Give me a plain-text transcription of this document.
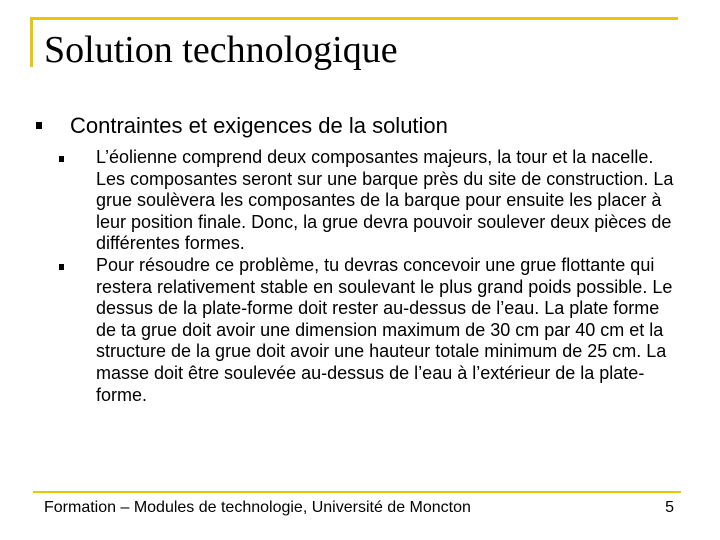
Solution technologique
Contraintes et exigences de la solution
L’éolienne comprend deux composantes majeurs, la tour et la nacelle. Les composantes seront sur une barque près du site de construction. La grue soulèvera les composantes de la barque pour ensuite les placer à leur position finale. Donc, la grue devra pouvoir soulever deux pièces de différentes formes.
Pour résoudre ce problème, tu devras concevoir une grue flottante qui restera relativement stable en soulevant le plus grand poids possible. Le dessus de la plate-forme doit rester au-dessus de l’eau. La plate forme de ta grue doit avoir une dimension maximum de 30 cm par 40 cm et la structure de la grue doit avoir une hauteur totale minimum de 25 cm. La masse doit être soulevée au-dessus de l’eau à l’extérieur de la plate-forme.
Formation – Modules de technologie, Université de Moncton	5
